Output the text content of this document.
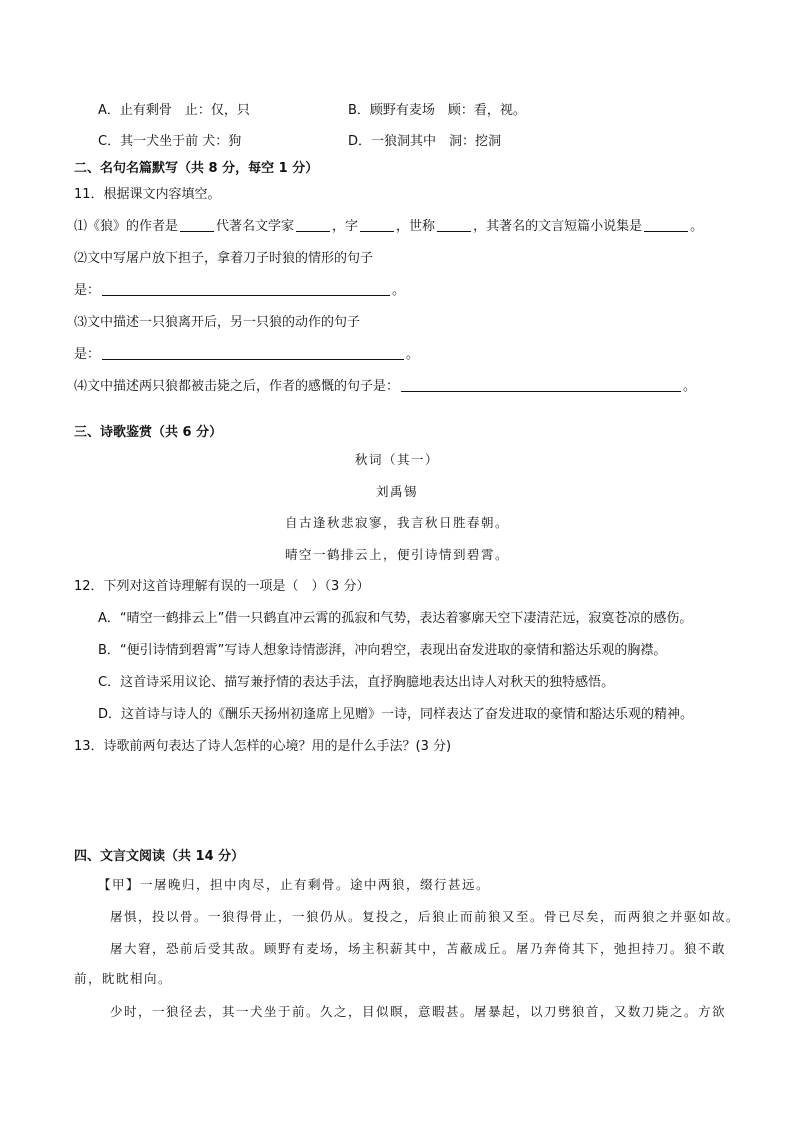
A．止有剩骨　止：仅，只	B．顾野有麦场　顾：看，视。
C．其一犬坐于前 犬：狗	D．一狼洞其中　洞：挖洞
二、名句名篇默写（共 8 分，每空 1 分）
11．根据课文内容填空。
⑴《狼》的作者是	代著名文学家	，字	，世称	，其著名的文言短篇小说集是	。
⑵文中写屠户放下担子，拿着刀子时狼的情形的句子
是：	。
⑶文中描述一只狼离开后，另一只狼的动作的句子
是：	。
⑷文中描述两只狼都被击毙之后，作者的感慨的句子是：	。
三、诗歌鉴赏（共 6 分）
秋词（其一）
刘禹锡
自古逢秋悲寂寥，我言秋日胜春朝。
晴空一鹤排云上，便引诗情到碧霄。
12．下列对这首诗理解有误的一项是（　）（3 分）
A．“晴空一鹤排云上”借一只鹤直冲云霄的孤寂和气势，表达着寥廓天空下凄清茫远，寂寞苍凉的感伤。
B．“便引诗情到碧霄”写诗人想象诗情澎湃，冲向碧空，表现出奋发进取的豪情和豁达乐观的胸襟。
C．这首诗采用议论、描写兼抒情的表达手法，直抒胸臆地表达出诗人对秋天的独特感悟。
D．这首诗与诗人的《酬乐天扬州初逢席上见赠》一诗，同样表达了奋发进取的豪情和豁达乐观的精神。
13．诗歌前两句表达了诗人怎样的心境？用的是什么手法？(3 分)
四、文言文阅读（共 14 分）
【甲】一屠晚归，担中肉尽，止有剩骨。途中两狼，缀行甚远。
屠惧，投以骨。一狼得骨止，一狼仍从。复投之，后狼止而前狼又至。骨已尽矣，而两狼之并驱如故。
屠大窘，恐前后受其敌。顾野有麦场，场主积薪其中，苫蔽成丘。屠乃奔倚其下，弛担持刀。狼不敢
前，眈眈相向。
少时，一狼径去，其一犬坐于前。久之，目似瞑，意暇甚。屠暴起，以刀劈狼首，又数刀毙之。方欲
